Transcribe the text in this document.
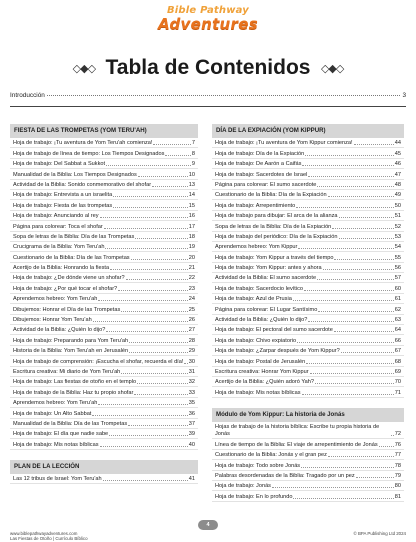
Bible Pathway
Adventures
◇◆◇ Tabla de Contenidos ◇◆◇
Introducción	3
FIESTA DE LAS TROMPETAS (YOM TERU'AH)
Hoja de trabajo: ¡Tu aventura de Yom Teru'ah comienza!	7
Hoja de trabajo de línea de tiempo: Los Tiempos Designados	8
Hoja de trabajo: Del Sabbat a Sukkot	9
Manualidad de la Biblia: Los Tiempos Designados	10
Actividad de la Biblia: Sonido conmemorativo del shofar	13
Hoja de trabajo: Entrevista a un israelita	14
Hoja de trabajo: Fiesta de las trompetas	15
Hoja de trabajo: Anunciando al rey	16
Página para colorear: Toca el shofar	17
Sopa de letras de la Biblia: Día de las Trompetas	18
Crucigrama de la Biblia: Yom Teru'ah	19
Cuestionario de la Biblia: Día de las Trompetas	20
Acertijo de la Biblia: Honrando la fiesta	21
Hoja de trabajo: ¿De dónde viene un shofar?	22
Hoja de trabajo: ¿Por qué tocar el shofar?	23
Aprendemos hebreo: Yom Teru'ah	24
Dibujemos: Honrar el Día de las Trompetas	25
Dibujemos: Honrar Yom Teru'ah	26
Actividad de la Biblia: ¿Quién lo dijo?	27
Hoja de trabajo: Preparando para Yom Teru'ah	28
Historia de la Biblia: Yom Teru'ah en Jerusalén	29
Hoja de trabajo de comprensión: ¡Escucha el shofar, recuerda el día! 30
Escritura creativa: Mi diario de Yom Teru'ah	31
Hoja de trabajo: Las fiestas de otoño en el templo	32
Hoja de trabajo de la Biblia: Haz tu propio shofar	33
Aprendemos hebreo: Yom Teru'ah	35
Hoja de trabajo: Un Alto Sabbat	36
Manualidad de la Biblia: Día de las Trompetas	37
Hoja de trabajo: El día que nadie sabe	39
Hoja de trabajo: Mis notas bíblicas	40
PLAN DE LA LECCIÓN
Las 12 tribus de Israel: Yom Teru'ah	41
DÍA DE LA EXPIACIÓN (YOM KIPPUR)
Hoja de trabajo: ¡Tu aventura de Yom Kippur comienza!	44
Hoja de trabajo: Día de la Expiación	45
Hoja de trabajo: De Aarón a Caifás	46
Hoja de trabajo: Sacerdotes de Israel	47
Página para colorear: El sumo sacerdote	48
Cuestionario de la Biblia: Día de la Expiación	49
Hoja de trabajo: Arrepentimiento	50
Hoja de trabajo para dibujar: El arca de la alianza	51
Sopa de letras de la Biblia: Día de la Expiación	52
Hoja de trabajo del periódico: Día de la Expiación	53
Aprendemos hebreo: Yom Kippur	54
Hoja de trabajo: Yom Kippur a través del tiempo	55
Hoja de trabajo: Yom Kippur: antes y ahora	56
Actividad de la Biblia: El sumo sacerdote	57
Hoja de trabajo: Sacerdocio levítico	60
Hoja de trabajo: Azul de Prusia	61
Página para colorear: El Lugar Santísimo	62
Actividad de la Biblia: ¿Quién lo dijo?	63
Hoja de trabajo: El pectoral del sumo sacerdote	64
Hoja de trabajo: Chivo expiatorio	66
Hoja de trabajo: ¿Zarpar después de Yom Kippur?	67
Hoja de trabajo: Postal de Jerusalén	68
Escritura creativa: Honrar Yom Kippur	69
Acertijo de la Biblia: ¿Quién adoró Yah?	70
Hoja de trabajo: Mis notas bíblicas	71
Módulo de Yom Kippur: La historia de Jonás
Hojas de trabajo de la historia bíblica: Escribe tu propia historia de Jonás	72
Línea de tiempo de la Biblia: El viaje de arrepentimiento de Jonás	76
Cuestionario de la Biblia: Jonás y el gran pez	77
Hoja de trabajo: Todo sobre Jonás	78
Palabras desordenadas de la Biblia: Tragado por un pez	79
Hoja de trabajo: Jonás	80
Hoja de trabajo: En lo profundo	81
www.biblepathwayadventures.com
Las Fiestas de Otoño | Currículo Bíblico
4
© BPA Publishing Ltd 2024
